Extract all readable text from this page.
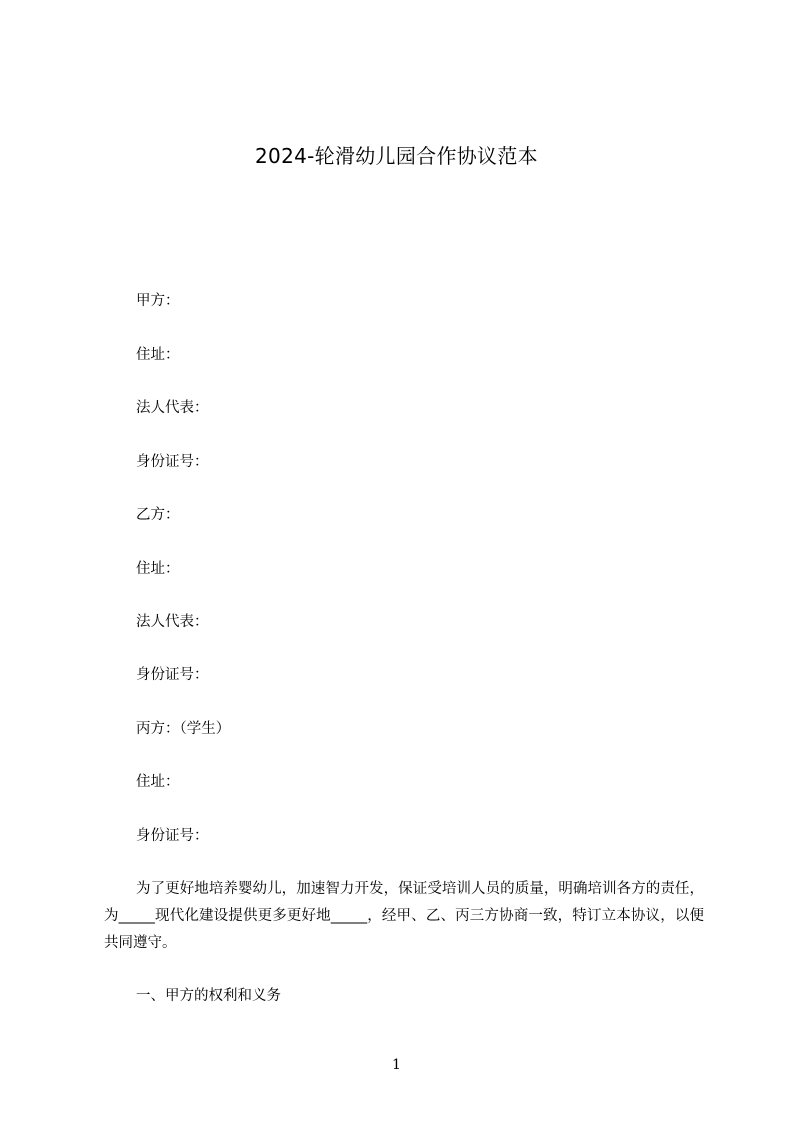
2024-轮滑幼儿园合作协议范本
甲方：
住址：
法人代表：
身份证号：
乙方：
住址：
法人代表：
身份证号：
丙方：（学生）
住址：
身份证号：
为了更好地培养婴幼儿，加速智力开发，保证受培训人员的质量，明确培训各方的责任，为_____现代化建设提供更多更好地_____，经甲、乙、丙三方协商一致，特订立本协议，以便共同遵守。
一、甲方的权利和义务
1
